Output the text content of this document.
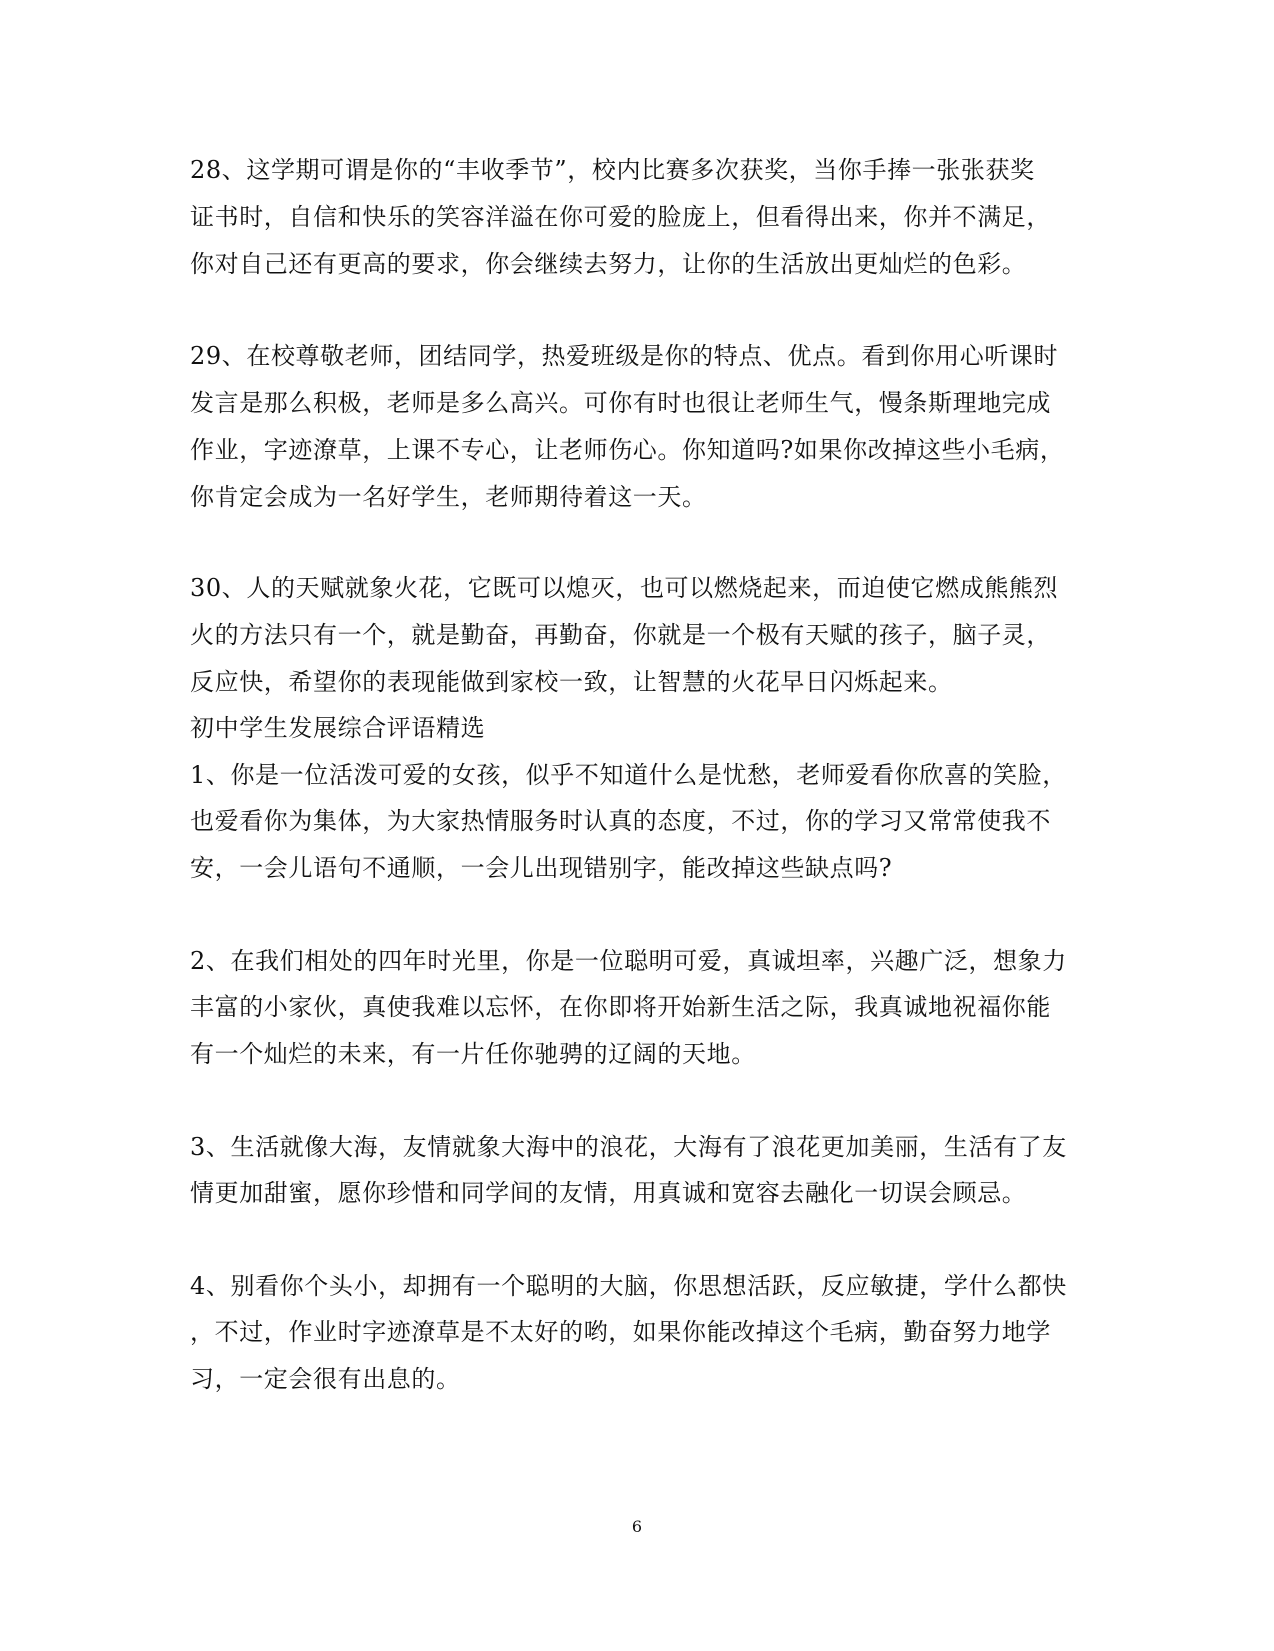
28、这学期可谓是你的“丰收季节”，校内比赛多次获奖，当你手捧一张张获奖
证书时，自信和快乐的笑容洋溢在你可爱的脸庞上，但看得出来，你并不满足，
你对自己还有更高的要求，你会继续去努力，让你的生活放出更灿烂的色彩。
29、在校尊敬老师，团结同学，热爱班级是你的特点、优点。看到你用心听课时
发言是那么积极，老师是多么高兴。可你有时也很让老师生气，慢条斯理地完成
作业，字迹潦草，上课不专心，让老师伤心。你知道吗?如果你改掉这些小毛病，
你肯定会成为一名好学生，老师期待着这一天。
30、人的天赋就象火花，它既可以熄灭，也可以燃烧起来，而迫使它燃成熊熊烈
火的方法只有一个，就是勤奋，再勤奋，你就是一个极有天赋的孩子，脑子灵，
反应快，希望你的表现能做到家校一致，让智慧的火花早日闪烁起来。
初中学生发展综合评语精选
1、你是一位活泼可爱的女孩，似乎不知道什么是忧愁，老师爱看你欣喜的笑脸，
也爱看你为集体，为大家热情服务时认真的态度，不过，你的学习又常常使我不
安，一会儿语句不通顺，一会儿出现错别字，能改掉这些缺点吗?
2、在我们相处的四年时光里，你是一位聪明可爱，真诚坦率，兴趣广泛，想象力
丰富的小家伙，真使我难以忘怀，在你即将开始新生活之际，我真诚地祝福你能
有一个灿烂的未来，有一片任你驰骋的辽阔的天地。
3、生活就像大海，友情就象大海中的浪花，大海有了浪花更加美丽，生活有了友
情更加甜蜜，愿你珍惜和同学间的友情，用真诚和宽容去融化一切误会顾忌。
4、别看你个头小，却拥有一个聪明的大脑，你思想活跃，反应敏捷，学什么都快
，不过，作业时字迹潦草是不太好的哟，如果你能改掉这个毛病，勤奋努力地学
习，一定会很有出息的。
6
